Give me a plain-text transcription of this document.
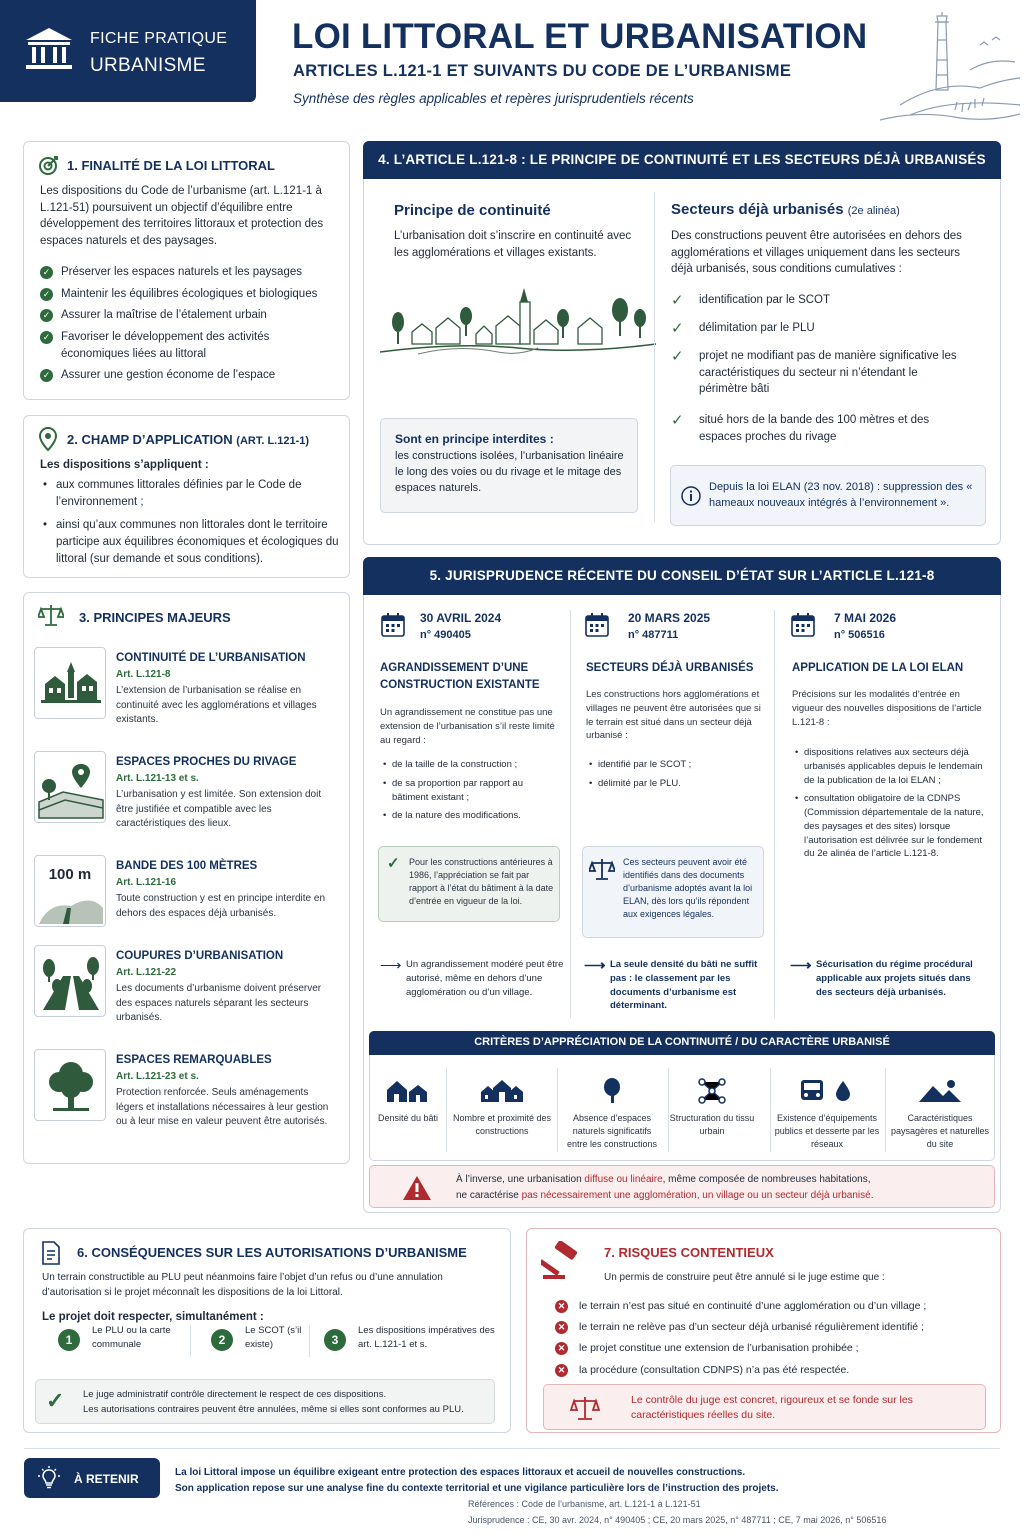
FICHE PRATIQUE
URBANISME
LOI LITTORAL ET URBANISATION
ARTICLES L.121-1 ET SUIVANTS DU CODE DE L’URBANISME
Synthèse des règles applicables et repères jurisprudentiels récents
1. FINALITÉ DE LA LOI LITTORAL
Les dispositions du Code de l’urbanisme (art. L.121-1 à L.121-51) poursuivent un objectif d’équilibre entre développement des territoires littoraux et protection des espaces naturels et des paysages.
✓ Préserver les espaces naturels et les paysages
✓ Maintenir les équilibres écologiques et biologiques
✓ Assurer la maîtrise de l’étalement urbain
✓ Favoriser le développement des activités économiques liées au littoral
✓ Assurer une gestion économe de l’espace
2. CHAMP D’APPLICATION (ART. L.121-1)
Les dispositions s’appliquent :
• aux communes littorales définies par le Code de l’environnement ;
• ainsi qu’aux communes non littorales dont le territoire participe aux équilibres économiques et écologiques du littoral (sur demande et sous conditions).
3. PRINCIPES MAJEURS
CONTINUITÉ DE L’URBANISATION
Art. L.121-8
L’extension de l’urbanisation se réalise en continuité avec les agglomérations et villages existants.
ESPACES PROCHES DU RIVAGE
Art. L.121-13 et s.
L’urbanisation y est limitée. Son extension doit être justifiée et compatible avec les caractéristiques des lieux.
100 m	BANDE DES 100 MÈTRES
Art. L.121-16
Toute construction y est en principe interdite en dehors des espaces déjà urbanisés.
COUPURES D’URBANISATION
Art. L.121-22
Les documents d’urbanisme doivent préserver des espaces naturels séparant les secteurs urbanisés.
ESPACES REMARQUABLES
Art. L.121-23 et s.
Protection renforcée. Seuls aménagements légers et installations nécessaires à leur gestion ou à leur mise en valeur peuvent être autorisés.
4. L’ARTICLE L.121-8 : LE PRINCIPE DE CONTINUITÉ ET LES SECTEURS DÉJÀ URBANISÉS
Principe de continuité
L’urbanisation doit s’inscrire en continuité avec les agglomérations et villages existants.
Sont en principe interdites :
les constructions isolées, l’urbanisation linéaire le long des voies ou du rivage et le mitage des espaces naturels.
Secteurs déjà urbanisés (2e alinéa)
Des constructions peuvent être autorisées en dehors des agglomérations et villages uniquement dans les secteurs déjà urbanisés, sous conditions cumulatives :
✓ identification par le SCOT
✓ délimitation par le PLU
✓ projet ne modifiant pas de manière significative les caractéristiques du secteur ni n’étendant le périmètre bâti
✓ situé hors de la bande des 100 mètres et des espaces proches du rivage
Depuis la loi ELAN (23 nov. 2018) : suppression des « hameaux nouveaux intégrés à l’environnement ».
5. JURISPRUDENCE RÉCENTE DU CONSEIL D’ÉTAT SUR L’ARTICLE L.121-8
30 AVRIL 2024
n° 490405
AGRANDISSEMENT D’UNE CONSTRUCTION EXISTANTE
Un agrandissement ne constitue pas une extension de l’urbanisation s’il reste limité au regard :
• de la taille de la construction ;
• de sa proportion par rapport au bâtiment existant ;
• de la nature des modifications.
✓ Pour les constructions antérieures à 1986, l’appréciation se fait par rapport à l’état du bâtiment à la date d’entrée en vigueur de la loi.
⟶ Un agrandissement modéré peut être autorisé, même en dehors d’une agglomération ou d’un village.
20 MARS 2025
n° 487711
SECTEURS DÉJÀ URBANISÉS
Les constructions hors agglomérations et villages ne peuvent être autorisées que si le terrain est situé dans un secteur déjà urbanisé :
• identifié par le SCOT ;
• délimité par le PLU.
Ces secteurs peuvent avoir été identifiés dans des documents d’urbanisme adoptés avant la loi ELAN, dès lors qu’ils répondent aux exigences légales.
⟶ La seule densité du bâti ne suffit pas : le classement par les documents d’urbanisme est déterminant.
7 MAI 2026
n° 506516
APPLICATION DE LA LOI ELAN
Précisions sur les modalités d’entrée en vigueur des nouvelles dispositions de l’article L.121-8 :
• dispositions relatives aux secteurs déjà urbanisés applicables depuis le lendemain de la publication de la loi ELAN ;
• consultation obligatoire de la CDNPS (Commission départementale de la nature, des paysages et des sites) lorsque l’autorisation est délivrée sur le fondement du 2e alinéa de l’article L.121-8.
⟶ Sécurisation du régime procédural applicable aux projets situés dans des secteurs déjà urbanisés.
CRITÈRES D’APPRÉCIATION DE LA CONTINUITÉ / DU CARACTÈRE URBANISÉ
Densité du bâti	Nombre et proximité des constructions
Absence d’espaces naturels significatifs entre les constructions
Structuration du tissu urbain
Existence d’équipements publics et desserte par les réseaux
Caractéristiques paysagères et naturelles du site
À l’inverse, une urbanisation diffuse ou linéaire, même composée de nombreuses habitations,
ne caractérise pas nécessairement une agglomération, un village ou un secteur déjà urbanisé.
6. CONSÉQUENCES SUR LES AUTORISATIONS D’URBANISME
Un terrain constructible au PLU peut néanmoins faire l’objet d’un refus ou d’une annulation d’autorisation si le projet méconnaît les dispositions de la loi Littoral.
Le projet doit respecter, simultanément :
1
Le PLU ou la carte communale	2
Le SCOT (s’il existe)	3
Les dispositions impératives des art. L.121-1 et s.
✓ Le juge administratif contrôle directement le respect de ces dispositions.
Les autorisations contraires peuvent être annulées, même si elles sont conformes au PLU.
7. RISQUES CONTENTIEUX
Un permis de construire peut être annulé si le juge estime que :
✕ le terrain n’est pas situé en continuité d’une agglomération ou d’un village ;
✕ le terrain ne relève pas d’un secteur déjà urbanisé régulièrement identifié ;
✕ le projet constitue une extension de l’urbanisation prohibée ;
✕ la procédure (consultation CDNPS) n’a pas été respectée.
Le contrôle du juge est concret, rigoureux et se fonde sur les caractéristiques réelles du site.
À RETENIR	La loi Littoral impose un équilibre exigeant entre protection des espaces littoraux et accueil de nouvelles constructions.
Son application repose sur une analyse fine du contexte territorial et une vigilance particulière lors de l’instruction des projets.
Références : Code de l’urbanisme, art. L.121-1 à L.121-51
Jurisprudence : CE, 30 avr. 2024, n° 490405 ; CE, 20 mars 2025, n° 487711 ; CE, 7 mai 2026, n° 506516
